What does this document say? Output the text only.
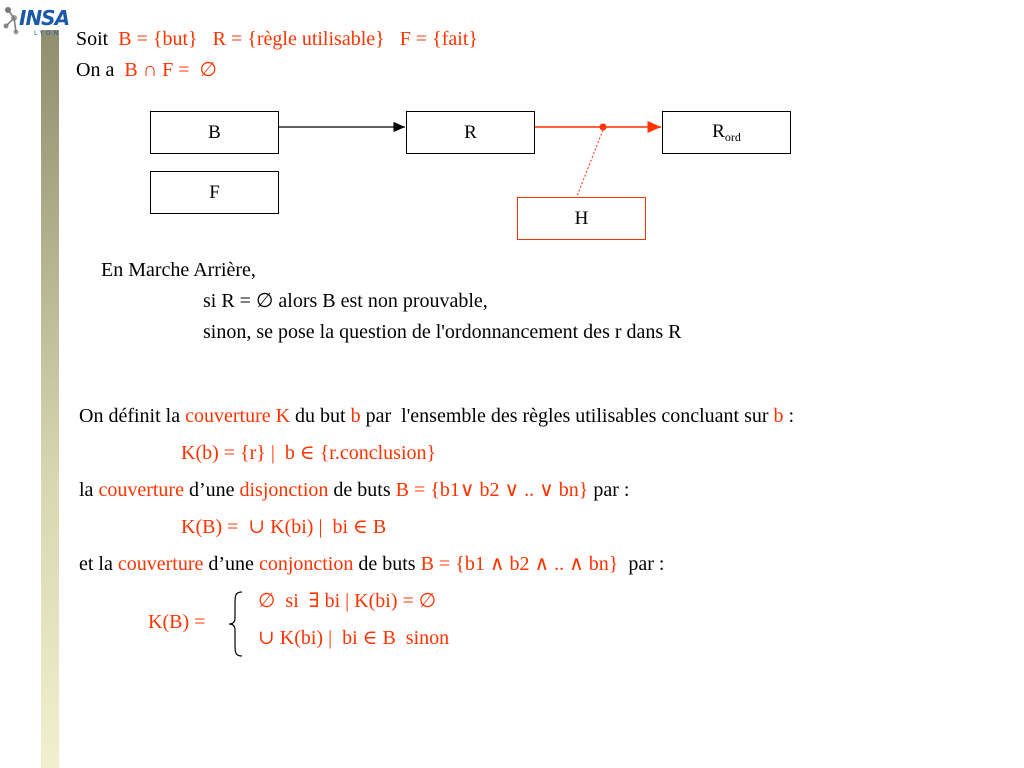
INSA
LYON Soit B = {but}   R = {règle utilisable}   F = {fait}
On a B ∩ F =  ∅
B	R	$R_{ord}$
F
H
En Marche Arrière,
si R = ∅ alors B est non prouvable,
sinon, se pose la question de l'ordonnancement des r dans R
On définit la couverture K du but b par  l'ensemble des règles utilisables concluant sur b :
K(b) = {r} |  b ∈ {r.conclusion}
la couverture d’une disjonction de buts B = {b1∨ b2 ∨ .. ∨ bn} par :
K(B) =  ∪ K(bi) |  bi ∈ B
et la couverture d’une conjonction de buts B = {b1 ∧ b2 ∧ .. ∧ bn}  par :
K(B) =
∅  si  ∃ bi | K(bi) = ∅
∪ K(bi) |  bi ∈ B  sinon
